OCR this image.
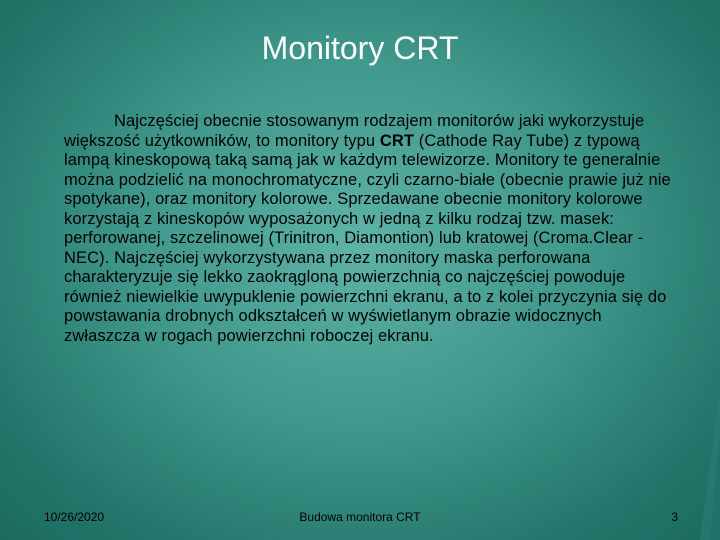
Monitory CRT

Najczęściej obecnie stosowanym rodzajem monitorów jaki wykorzystuje większość użytkowników, to monitory typu CRT (Cathode Ray Tube) z typową lampą kineskopową taką samą jak w każdym telewizorze. Monitory te generalnie można podzielić na monochromatyczne, czyli czarno-białe (obecnie prawie już nie spotykane), oraz monitory kolorowe. Sprzedawane obecnie monitory kolorowe korzystają z kineskopów wyposażonych w jedną z kilku rodzaj tzw. masek: perforowanej, szczelinowej (Trinitron, Diamontion) lub kratowej (Croma.Clear - NEC). Najczęściej wykorzystywana przez monitory maska perforowana charakteryzuje się lekko zaokrągloną powierzchnią co najczęściej powoduje również niewielkie uwypuklenie powierzchni ekranu, a to z kolei przyczynia się do powstawania drobnych odkształceń w wyświetlanym obrazie widocznych zwłaszcza w rogach powierzchni roboczej ekranu.

10/26/2020	Budowa monitora CRT	3
